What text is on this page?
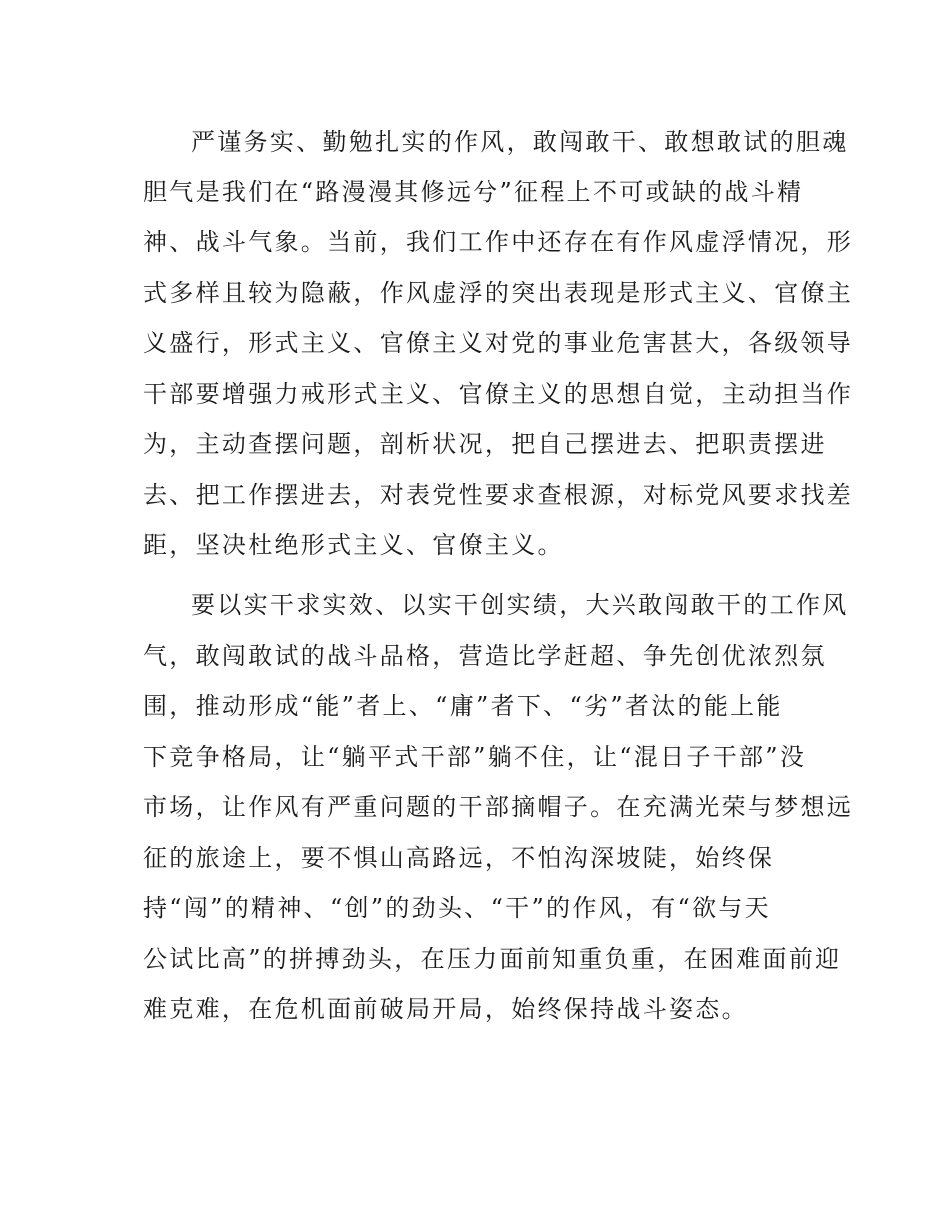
严谨务实、勤勉扎实的作风，敢闯敢干、敢想敢试的胆魂
胆气是我们在“路漫漫其修远兮”征程上不可或缺的战斗精
神、战斗气象。当前，我们工作中还存在有作风虚浮情况，形
式多样且较为隐蔽，作风虚浮的突出表现是形式主义、官僚主
义盛行，形式主义、官僚主义对党的事业危害甚大，各级领导
干部要增强力戒形式主义、官僚主义的思想自觉，主动担当作
为，主动查摆问题，剖析状况，把自己摆进去、把职责摆进
去、把工作摆进去，对表党性要求查根源，对标党风要求找差
距，坚决杜绝形式主义、官僚主义。
要以实干求实效、以实干创实绩，大兴敢闯敢干的工作风
气，敢闯敢试的战斗品格，营造比学赶超、争先创优浓烈氛
围，推动形成“能”者上、“庸”者下、“劣”者汰的能上能
下竞争格局，让“躺平式干部”躺不住，让“混日子干部”没
市场，让作风有严重问题的干部摘帽子。在充满光荣与梦想远
征的旅途上，要不惧山高路远，不怕沟深坡陡，始终保
持“闯”的精神、“创”的劲头、“干”的作风，有“欲与天
公试比高”的拼搏劲头，在压力面前知重负重，在困难面前迎
难克难，在危机面前破局开局，始终保持战斗姿态。
